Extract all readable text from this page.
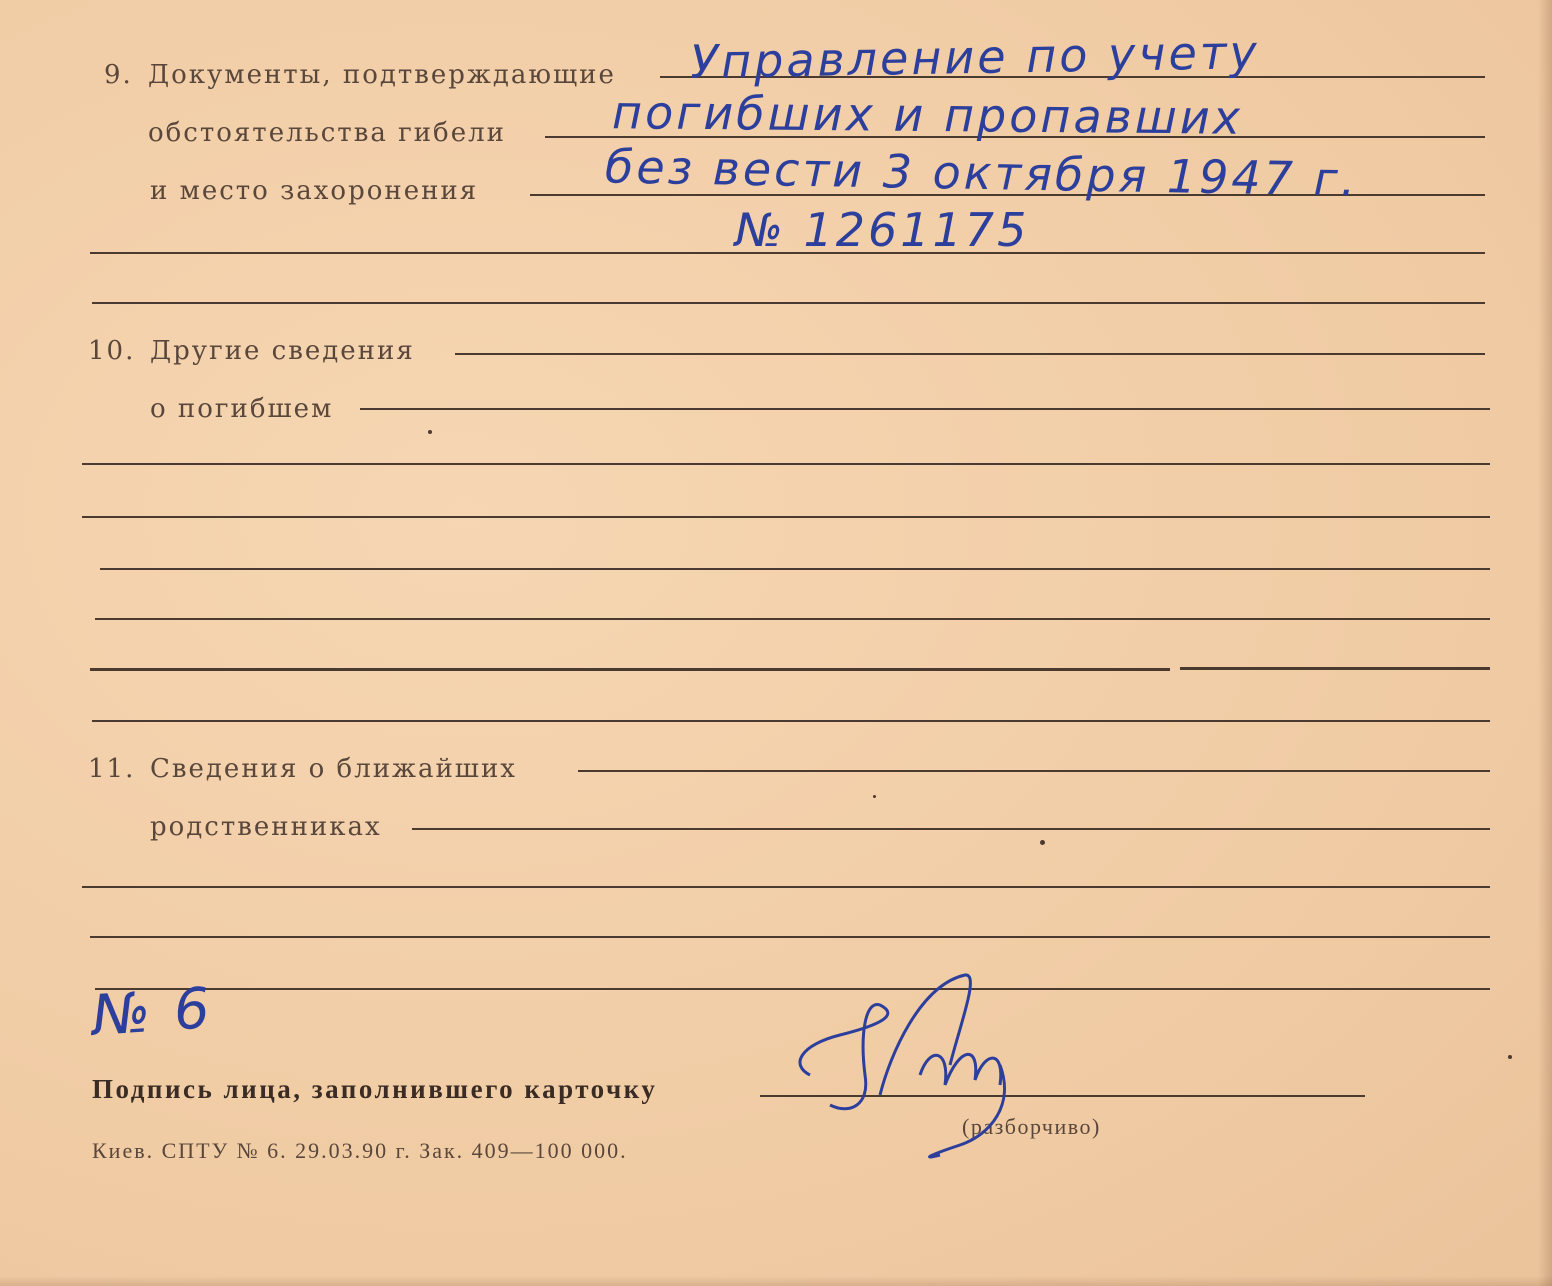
9. Документы, подтверждающие
обстоятельства гибели
и место захоронения
Управление по учету
погибших и пропавших
без вести 3 октября 1947 г.
№ 1261175
10. Другие сведения
о погибшем
11. Сведения о ближайших
родственниках
№ 6
Подпись лица, заполнившего карточку
(разборчиво)
Киев. СПТУ № 6. 29.03.90 г. Зак. 409—100 000.
